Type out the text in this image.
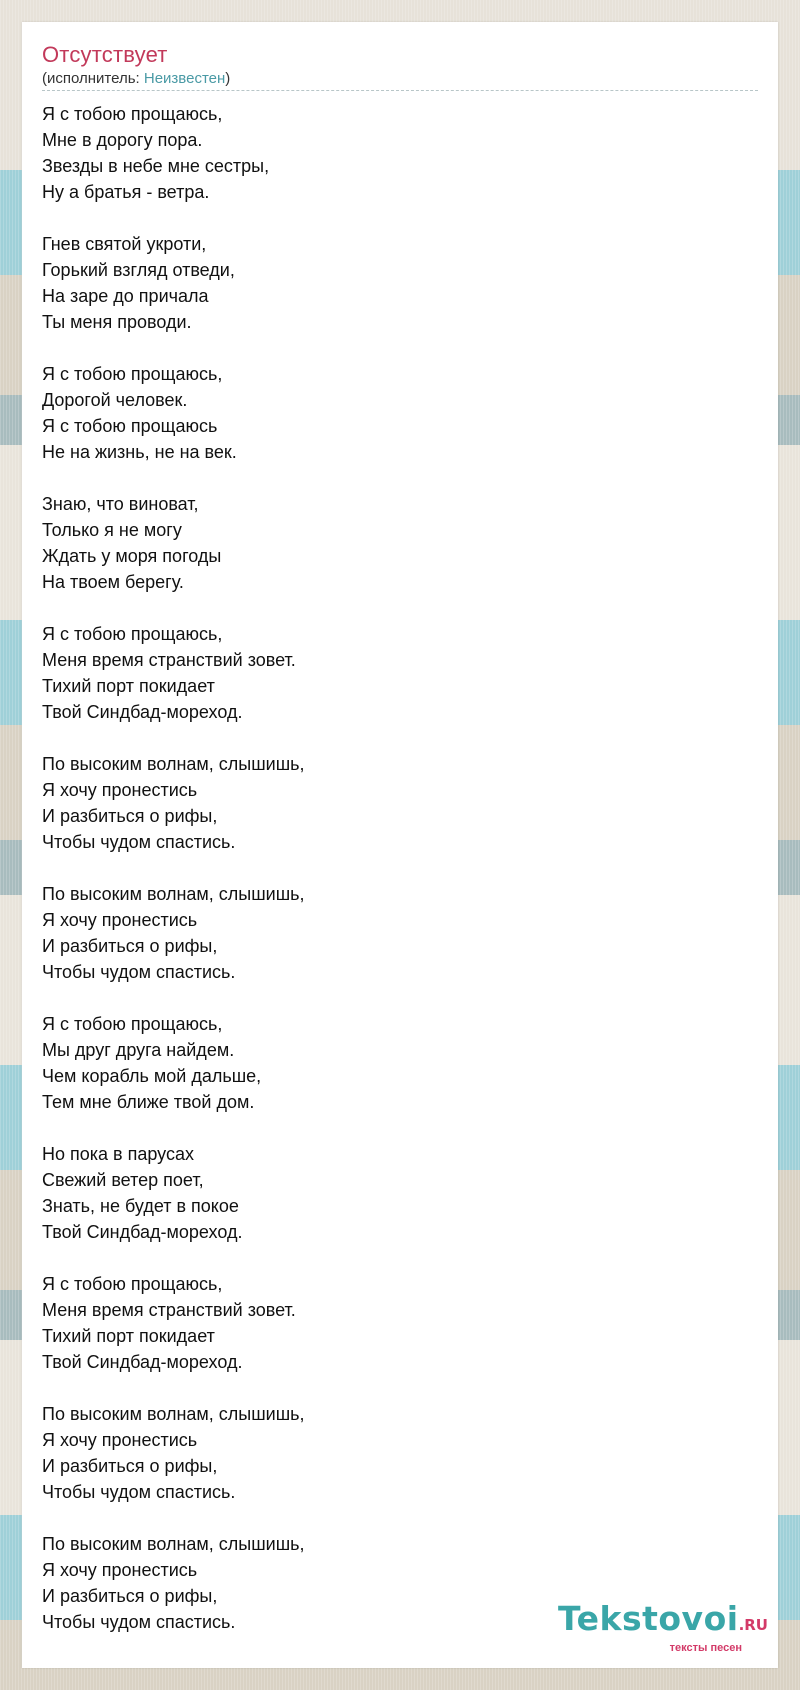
Отсутствует
(исполнитель: Неизвестен)
Я с тобою прощаюсь,
Мне в дорогу пора.
Звезды в небе мне сестры,
Ну а братья - ветра.
Гнев святой укроти,
Горький взгляд отведи,
На заре до причала
Ты меня проводи.
Я с тобою прощаюсь,
Дорогой человек.
Я с тобою прощаюсь
Не на жизнь, не на век.
Знаю, что виноват,
Только я не могу
Ждать у моря погоды
На твоем берегу.
Я с тобою прощаюсь,
Меня время странствий зовет.
Тихий порт покидает
Твой Синдбад-мореход.
По высоким волнам, слышишь,
Я хочу пронестись
И разбиться о рифы,
Чтобы чудом спастись.
По высоким волнам, слышишь,
Я хочу пронестись
И разбиться о рифы,
Чтобы чудом спастись.
Я с тобою прощаюсь,
Мы друг друга найдем.
Чем корабль мой дальше,
Тем мне ближе твой дом.
Но пока в парусах
Свежий ветер поет,
Знать, не будет в покое
Твой Синдбад-мореход.
Я с тобою прощаюсь,
Меня время странствий зовет.
Тихий порт покидает
Твой Синдбад-мореход.
По высоким волнам, слышишь,
Я хочу пронестись
И разбиться о рифы,
Чтобы чудом спастись.
По высоким волнам, слышишь,
Я хочу пронестись
И разбиться о рифы,
Чтобы чудом спастись.	Tekstovoi.RU
тексты песен
